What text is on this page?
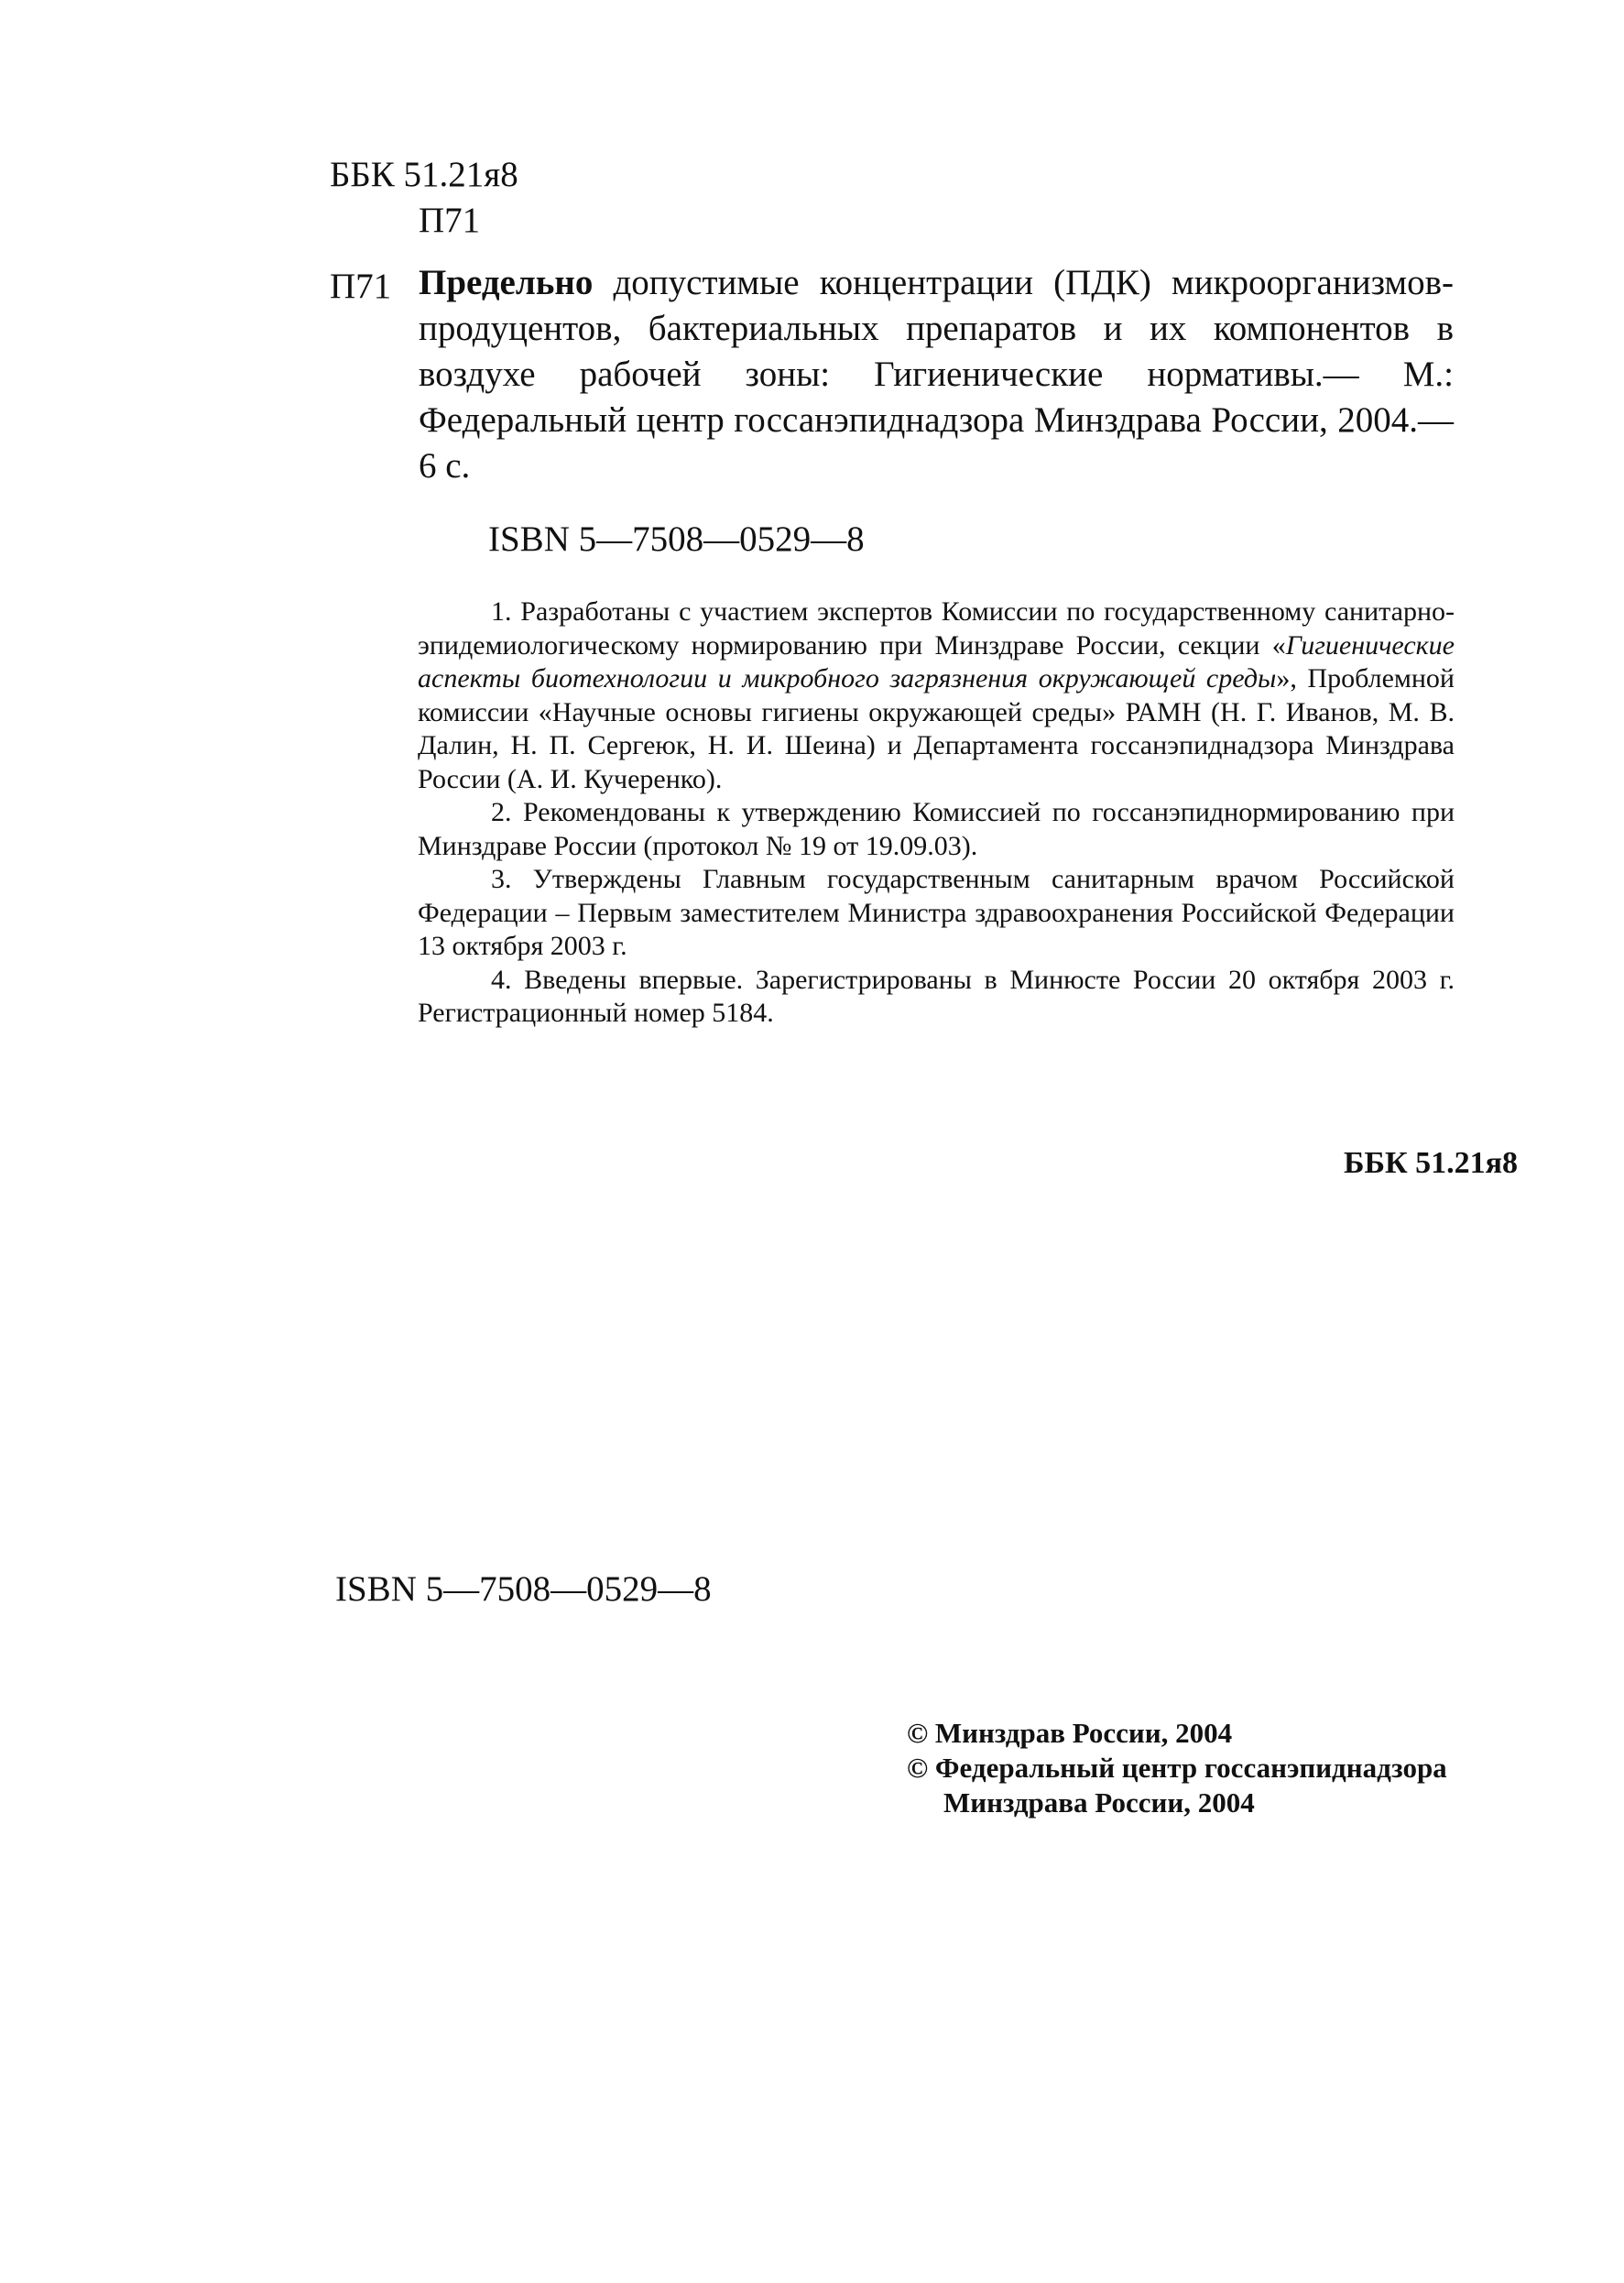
ББК 51.21я8
П71
П71 Предельно допустимые концентрации (ПДК) микроорганизмов-продуцентов, бактериальных препаратов и их компонентов в воздухе рабочей зоны: Гигиенические нормативы.— М.: Федеральный центр госсанэпиднадзора Минздрава России, 2004.—6 с.
ISBN 5—7508—0529—8

1. Разработаны с участием экспертов Комиссии по государственному санитарно-эпидемиологическому нормированию при Минздраве России, секции «Гигиенические аспекты биотехнологии и микробного загрязнения окружающей среды», Проблемной комиссии «Научные основы гигиены окружающей среды» РАМН (Н. Г. Иванов, М. В. Далин, Н. П. Сергеюк, Н. И. Шеина) и Департамента госсанэпиднадзора Минздрава России (А. И. Кучеренко).

2. Рекомендованы к утверждению Комиссией по госсанэпиднормированию при Минздраве России (протокол № 19 от 19.09.03).

3. Утверждены Главным государственным санитарным врачом Российской Федерации – Первым заместителем Министра здравоохранения Российской Федерации 13 октября 2003 г.

4. Введены впервые. Зарегистрированы в Минюсте России 20 октября 2003 г. Регистрационный номер 5184.

ББК 51.21я8
ISBN 5—7508—0529—8
© Минздрав России, 2004
© Федеральный центр госсанэпиднадзора
Минздрава России, 2004
